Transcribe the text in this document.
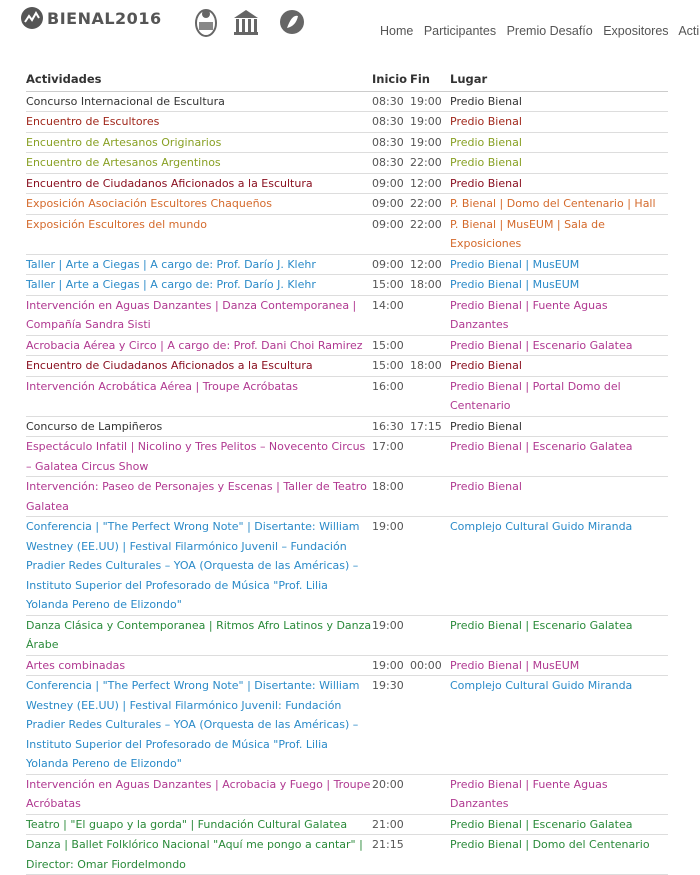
BIENAL2016
Home Participantes Premio Desafío Expositores Acti
Actividades	Inicio	Fin	Lugar
Concurso Internacional de Escultura	08:30	19:00	Predio Bienal
Encuentro de Escultores	08:30	19:00	Predio Bienal
Encuentro de Artesanos Originarios	08:30	19:00	Predio Bienal
Encuentro de Artesanos Argentinos	08:30	22:00	Predio Bienal
Encuentro de Ciudadanos Aficionados a la Escultura	09:00	12:00	Predio Bienal
Exposición Asociación Escultores Chaqueños	09:00	22:00	P. Bienal | Domo del Centenario | Hall
Exposición Escultores del mundo	09:00	22:00	P. Bienal | MusEUM | Sala de Exposiciones
Taller | Arte a Ciegas | A cargo de: Prof. Darío J. Klehr	09:00	12:00	Predio Bienal | MusEUM
Taller | Arte a Ciegas | A cargo de: Prof. Darío J. Klehr	15:00	18:00	Predio Bienal | MusEUM
Intervención en Aguas Danzantes | Danza Contemporanea | Compañía Sandra Sisti	14:00		Predio Bienal | Fuente Aguas Danzantes
Acrobacia Aérea y Circo | A cargo de: Prof. Dani Choi Ramirez	15:00		Predio Bienal | Escenario Galatea
Encuentro de Ciudadanos Aficionados a la Escultura	15:00	18:00	Predio Bienal
Intervención Acrobática Aérea | Troupe Acróbatas	16:00		Predio Bienal | Portal Domo del Centenario
Concurso de Lampiñeros	16:30	17:15	Predio Bienal
Espectáculo Infatil | Nicolino y Tres Pelitos – Novecento Circus – Galatea Circus Show	17:00		Predio Bienal | Escenario Galatea
Intervención: Paseo de Personajes y Escenas | Taller de Teatro Galatea	18:00		Predio Bienal
Conferencia | "The Perfect Wrong Note" | Disertante: William Westney (EE.UU) | Festival Filarmónico Juvenil – Fundación Pradier Redes Culturales – YOA (Orquesta de las Américas) – Instituto Superior del Profesorado de Música "Prof. Lilia Yolanda Pereno de Elizondo"	19:00		Complejo Cultural Guido Miranda
Danza Clásica y Contemporanea | Ritmos Afro Latinos y Danza Árabe	19:00		Predio Bienal | Escenario Galatea
Artes combinadas	19:00	00:00	Predio Bienal | MusEUM
Conferencia | "The Perfect Wrong Note" | Disertante: William Westney (EE.UU) | Festival Filarmónico Juvenil: Fundación Pradier Redes Culturales – YOA (Orquesta de las Américas) – Instituto Superior del Profesorado de Música "Prof. Lilia Yolanda Pereno de Elizondo"	19:30		Complejo Cultural Guido Miranda
Intervención en Aguas Danzantes | Acrobacia y Fuego | Troupe Acróbatas	20:00		Predio Bienal | Fuente Aguas Danzantes
Teatro | "El guapo y la gorda" | Fundación Cultural Galatea	21:00		Predio Bienal | Escenario Galatea
Danza | Ballet Folklórico Nacional "Aquí me pongo a cantar" | Director: Omar Fiordelmondo	21:15		Predio Bienal | Domo del Centenario
